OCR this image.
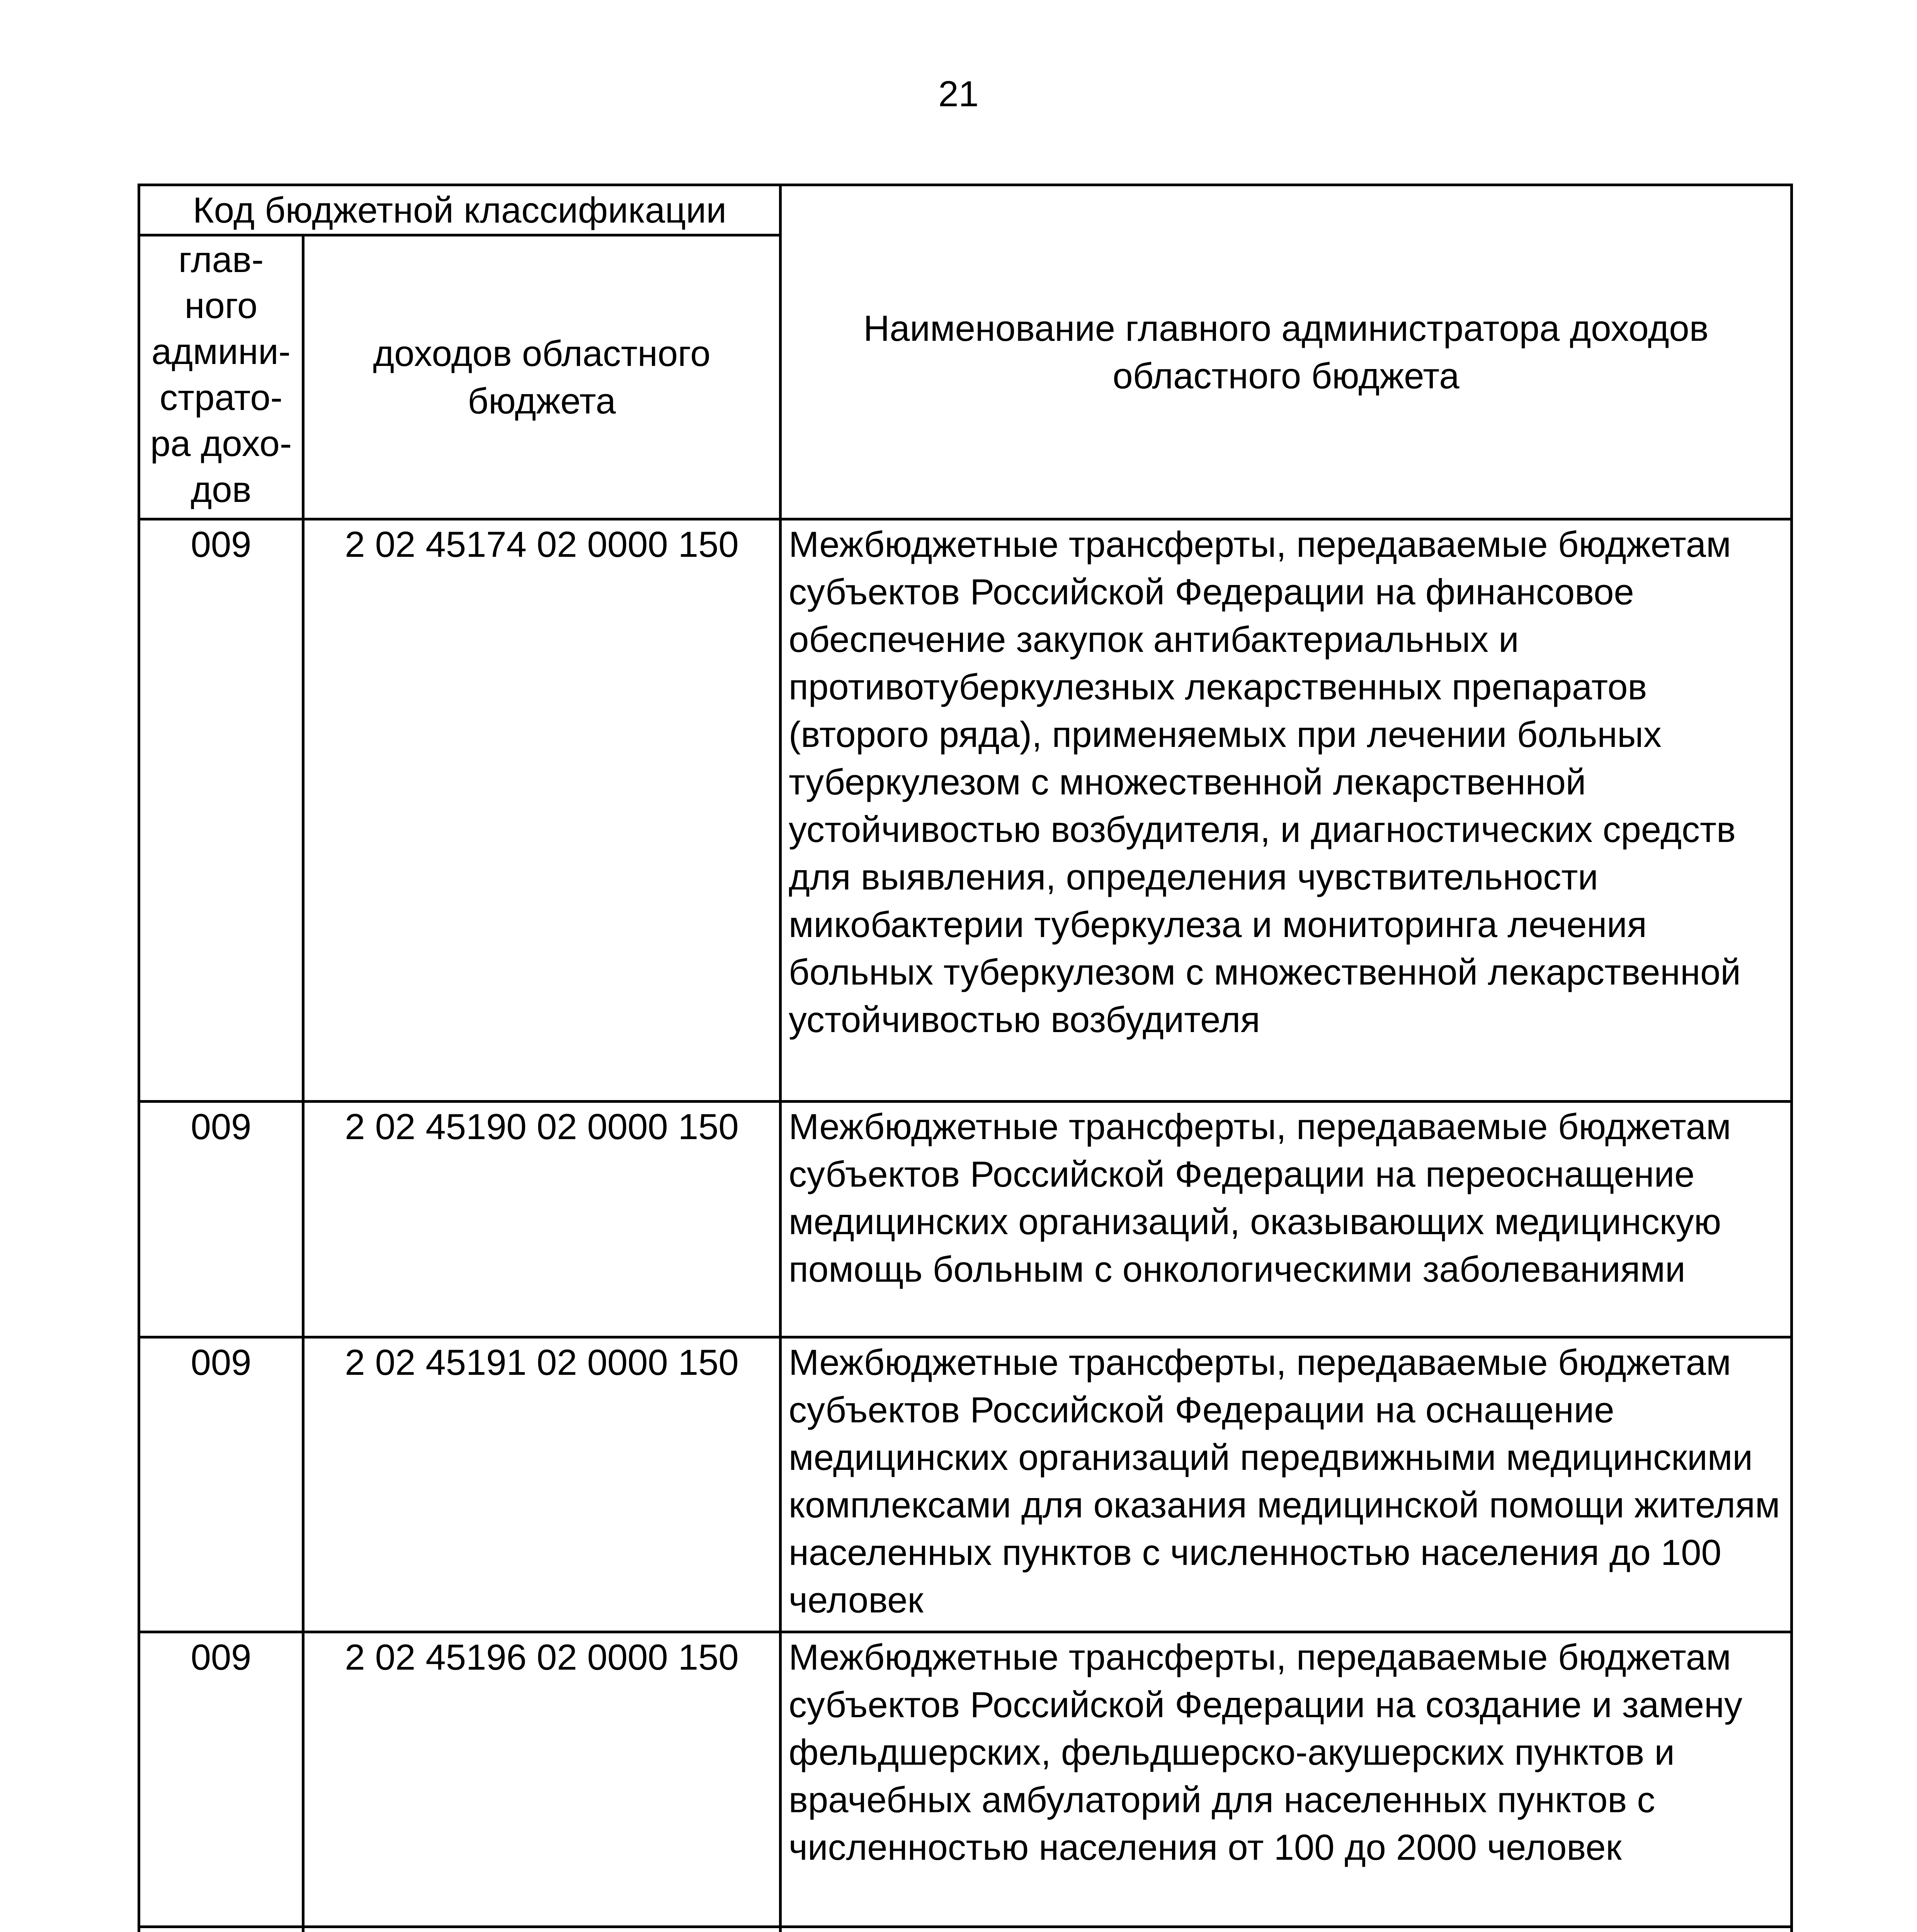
21
Код бюджетной классификации		Наименование главного администратора доходов областного бюджета

глав-ного админи-страто-ра дохо-дов	доходов областного бюджета	

009	2 02 45174 02 0000 150	Межбюджетные трансферты, передаваемые бюджетам субъектов Российской Федерации на финансовое обеспечение закупок антибактериальных и противотуберкулезных лекарственных препаратов (второго ряда), применяемых при лечении больных туберкулезом с множественной лекарственной устойчивостью возбудителя, и диагностических средств для выявления, определения чувствительности микобактерии туберкулеза и мониторинга лечения больных туберкулезом с множественной лекарственной устойчивостью возбудителя
009	2 02 45190 02 0000 150	Межбюджетные трансферты, передаваемые бюджетам субъектов Российской Федерации на переоснащение медицинских организаций, оказывающих медицинскую помощь больным с онкологическими заболеваниями
009	2 02 45191 02 0000 150	Межбюджетные трансферты, передаваемые бюджетам субъектов Российской Федерации на оснащение медицинских организаций передвижными медицинскими комплексами для оказания медицинской помощи жителям населенных пунктов с численностью населения до 100 человек
009	2 02 45196 02 0000 150	Межбюджетные трансферты, передаваемые бюджетам субъектов Российской Федерации на создание и замену фельдшерских, фельдшерско-акушерских пунктов и врачебных амбулаторий для населенных пунктов с численностью населения от 100 до 2000 человек
